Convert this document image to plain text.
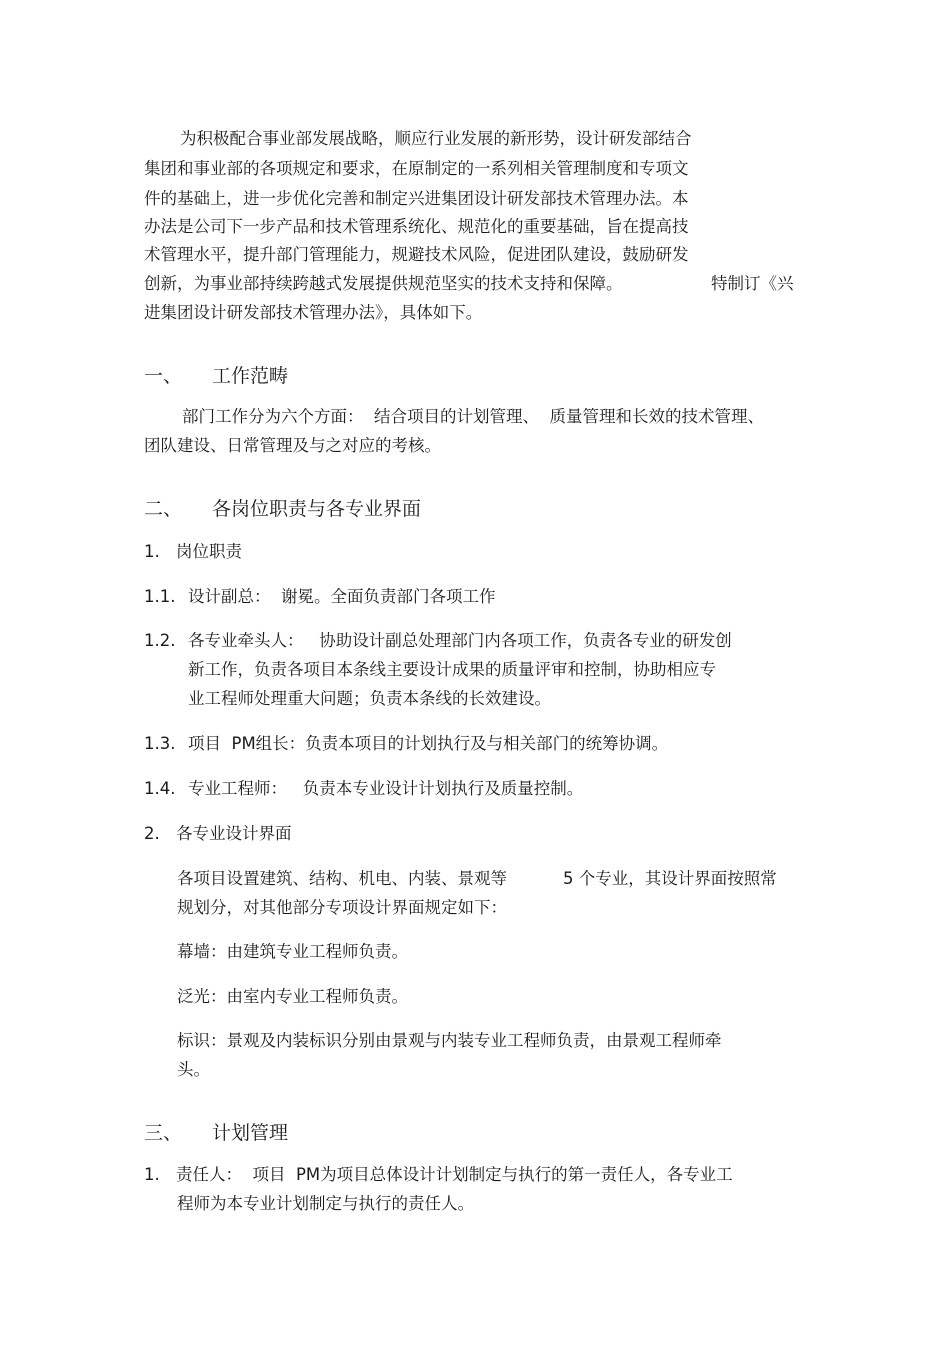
为积极配合事业部发展战略，顺应行业发展的新形势，设计研发部结合
集团和事业部的各项规定和要求，在原制定的一系列相关管理制度和专项文
件的基础上，进一步优化完善和制定兴进集团设计研发部技术管理办法。本
办法是公司下一步产品和技术管理系统化、规范化的重要基础，旨在提高技
术管理水平，提升部门管理能力，规避技术风险，促进团队建设，鼓励研发
创新，为事业部持续跨越式发展提供规范坚实的技术支持和保障。	特制订《兴
进集团设计研发部技术管理办法》，具体如下。
一、 工作范畴
部门工作分为六个方面：  结合项目的计划管理、  质量管理和长效的技术管理、
团队建设、日常管理及与之对应的考核。
二、 各岗位职责与各专业界面
1. 岗位职责
1.1. 设计副总：  谢冕。全面负责部门各项工作
1.2. 各专业牵头人：   协助设计副总处理部门内各项工作，负责各专业的研发创
新工作，负责各项目本条线主要设计成果的质量评审和控制，协助相应专
业工程师处理重大问题；负责本条线的长效建设。
1.3. 项目  PM组长：负责本项目的计划执行及与相关部门的统筹协调。
1.4. 专业工程师：   负责本专业设计计划执行及质量控制。
2. 各专业设计界面
各项目设置建筑、结构、机电、内装、景观等	5 个专业，其设计界面按照常
规划分，对其他部分专项设计界面规定如下：
幕墙：由建筑专业工程师负责。
泛光：由室内专业工程师负责。
标识：景观及内装标识分别由景观与内装专业工程师负责，由景观工程师牵
头。
三、 计划管理
1. 责任人：  项目  PM为项目总体设计计划制定与执行的第一责任人，各专业工
程师为本专业计划制定与执行的责任人。
